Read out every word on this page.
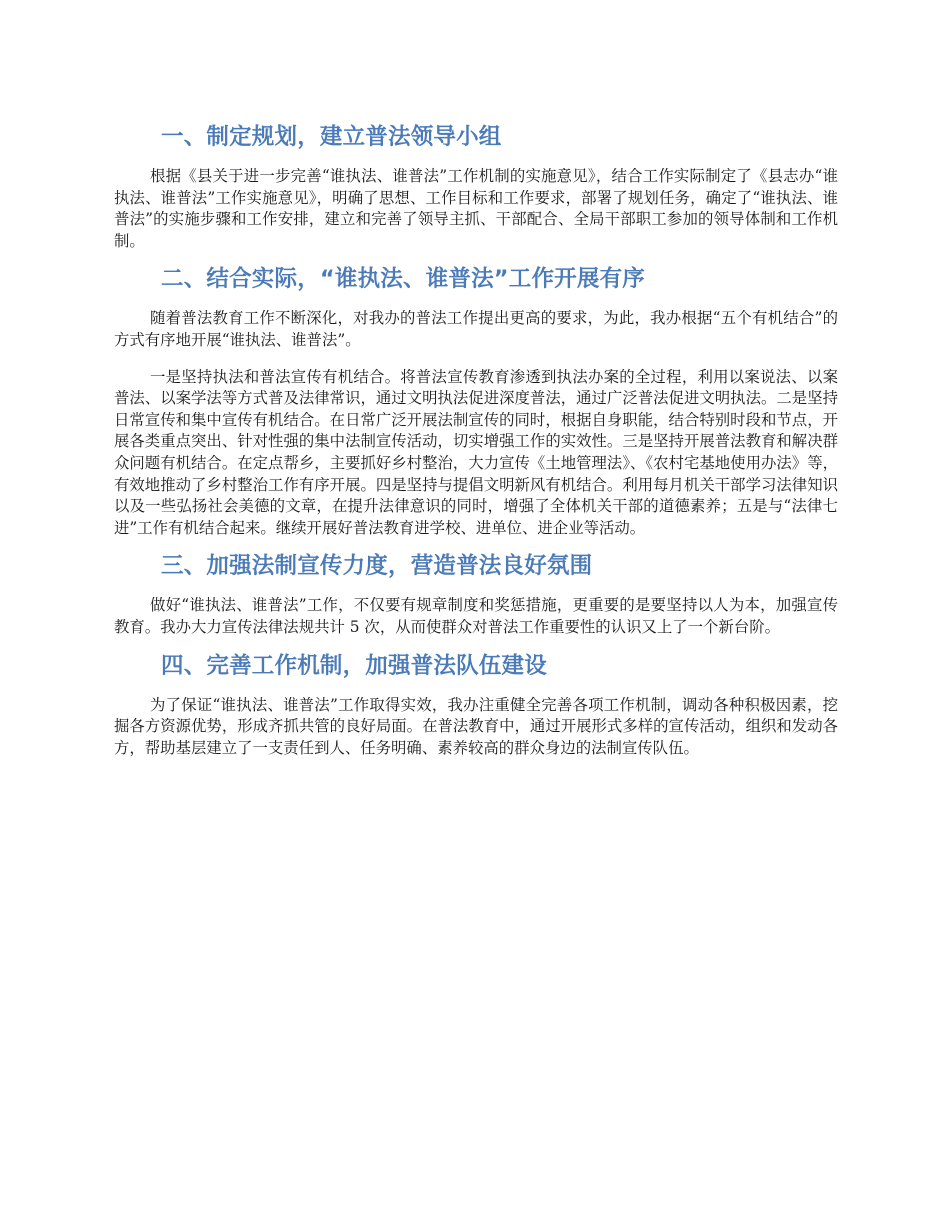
一、制定规划，建立普法领导小组

根据《县关于进一步完善“谁执法、谁普法”工作机制的实施意见》，结合工作实际制定了《县志办“谁执法、谁普法”工作实施意见》，明确了思想、工作目标和工作要求，部署了规划任务，确定了“谁执法、谁普法”的实施步骤和工作安排，建立和完善了领导主抓、干部配合、全局干部职工参加的领导体制和工作机制。

二、结合实际，“谁执法、谁普法”工作开展有序

随着普法教育工作不断深化，对我办的普法工作提出更高的要求，为此，我办根据“五个有机结合”的方式有序地开展“谁执法、谁普法”。

一是坚持执法和普法宣传有机结合。将普法宣传教育渗透到执法办案的全过程，利用以案说法、以案普法、以案学法等方式普及法律常识，通过文明执法促进深度普法，通过广泛普法促进文明执法。二是坚持日常宣传和集中宣传有机结合。在日常广泛开展法制宣传的同时，根据自身职能，结合特别时段和节点，开展各类重点突出、针对性强的集中法制宣传活动，切实增强工作的实效性。三是坚持开展普法教育和解决群众问题有机结合。在定点帮乡，主要抓好乡村整治，大力宣传《土地管理法》、《农村宅基地使用办法》等，有效地推动了乡村整治工作有序开展。四是坚持与提倡文明新风有机结合。利用每月机关干部学习法律知识以及一些弘扬社会美德的文章，在提升法律意识的同时，增强了全体机关干部的道德素养；五是与“法律七进”工作有机结合起来。继续开展好普法教育进学校、进单位、进企业等活动。

三、加强法制宣传力度，营造普法良好氛围

做好“谁执法、谁普法”工作，不仅要有规章制度和奖惩措施，更重要的是要坚持以人为本，加强宣传教育。我办大力宣传法律法规共计 5 次，从而使群众对普法工作重要性的认识又上了一个新台阶。

四、完善工作机制，加强普法队伍建设

为了保证“谁执法、谁普法”工作取得实效，我办注重健全完善各项工作机制，调动各种积极因素，挖掘各方资源优势，形成齐抓共管的良好局面。在普法教育中，通过开展形式多样的宣传活动，组织和发动各方，帮助基层建立了一支责任到人、任务明确、素养较高的群众身边的法制宣传队伍。
